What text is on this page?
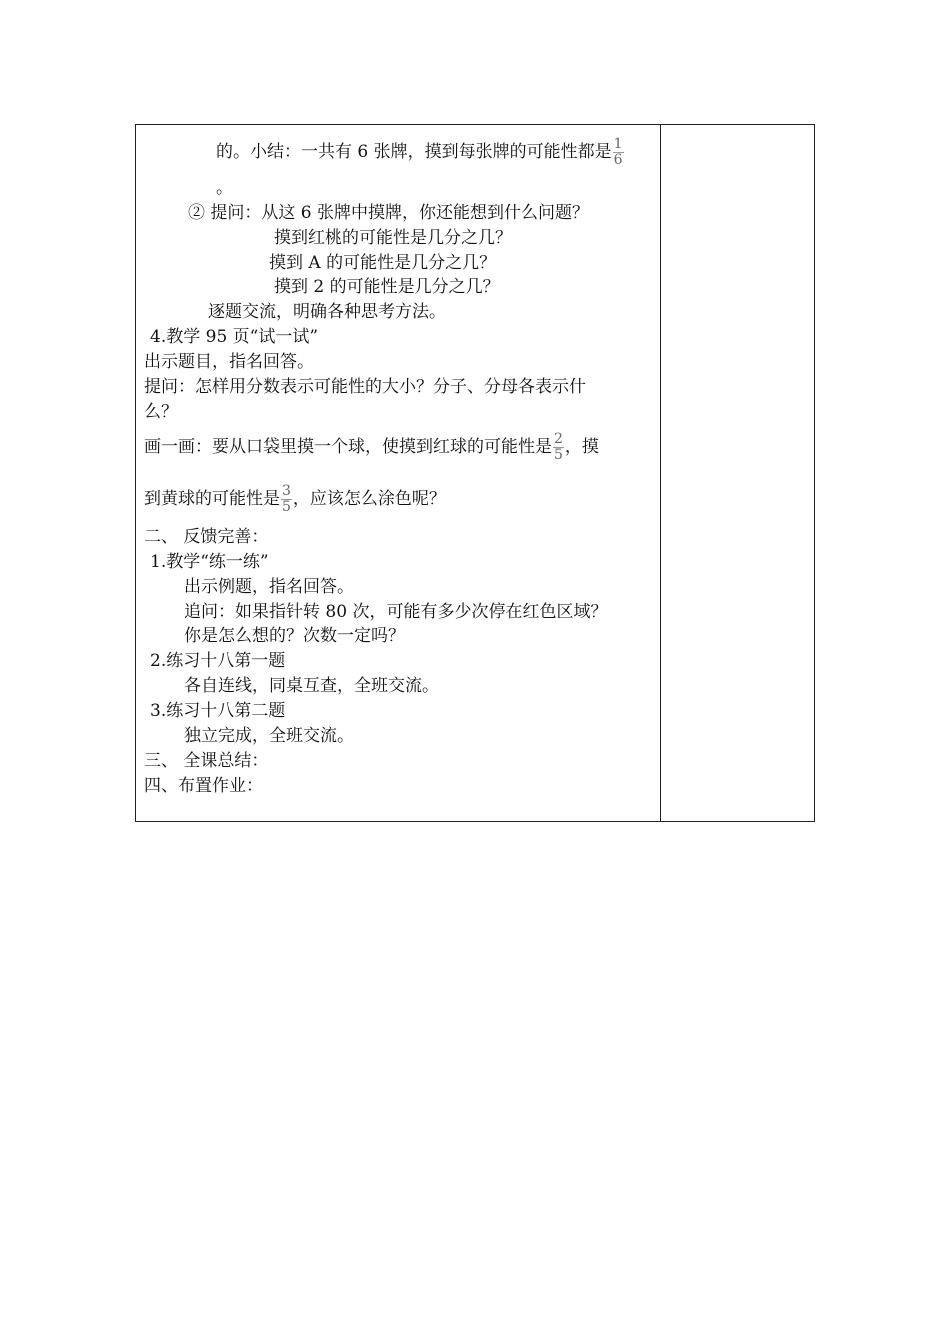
的。小结：一共有 6 张牌，摸到每张牌的可能性都是 $\frac{1}{6}$
。
② 提问：从这 6 张牌中摸牌，你还能想到什么问题？
摸到红桃的可能性是几分之几？
摸到 A 的可能性是几分之几？
摸到 2 的可能性是几分之几？
逐题交流，明确各种思考方法。
4.教学 95 页“试一试”
出示题目，指名回答。
提问：怎样用分数表示可能性的大小？分子、分母各表示什
么？
画一画：要从口袋里摸一个球，使摸到红球的可能性是 $\frac{2}{5}$ ，摸
到黄球的可能性是 $\frac{3}{5}$ ，应该怎么涂色呢？
二、 反馈完善：
1.教学“练一练”
出示例题，指名回答。
追问：如果指针转 80 次，可能有多少次停在红色区域？
你是怎么想的？次数一定吗？
2.练习十八第一题
各自连线，同桌互查，全班交流。
3.练习十八第二题
独立完成，全班交流。
三、 全课总结：
四、布置作业：
